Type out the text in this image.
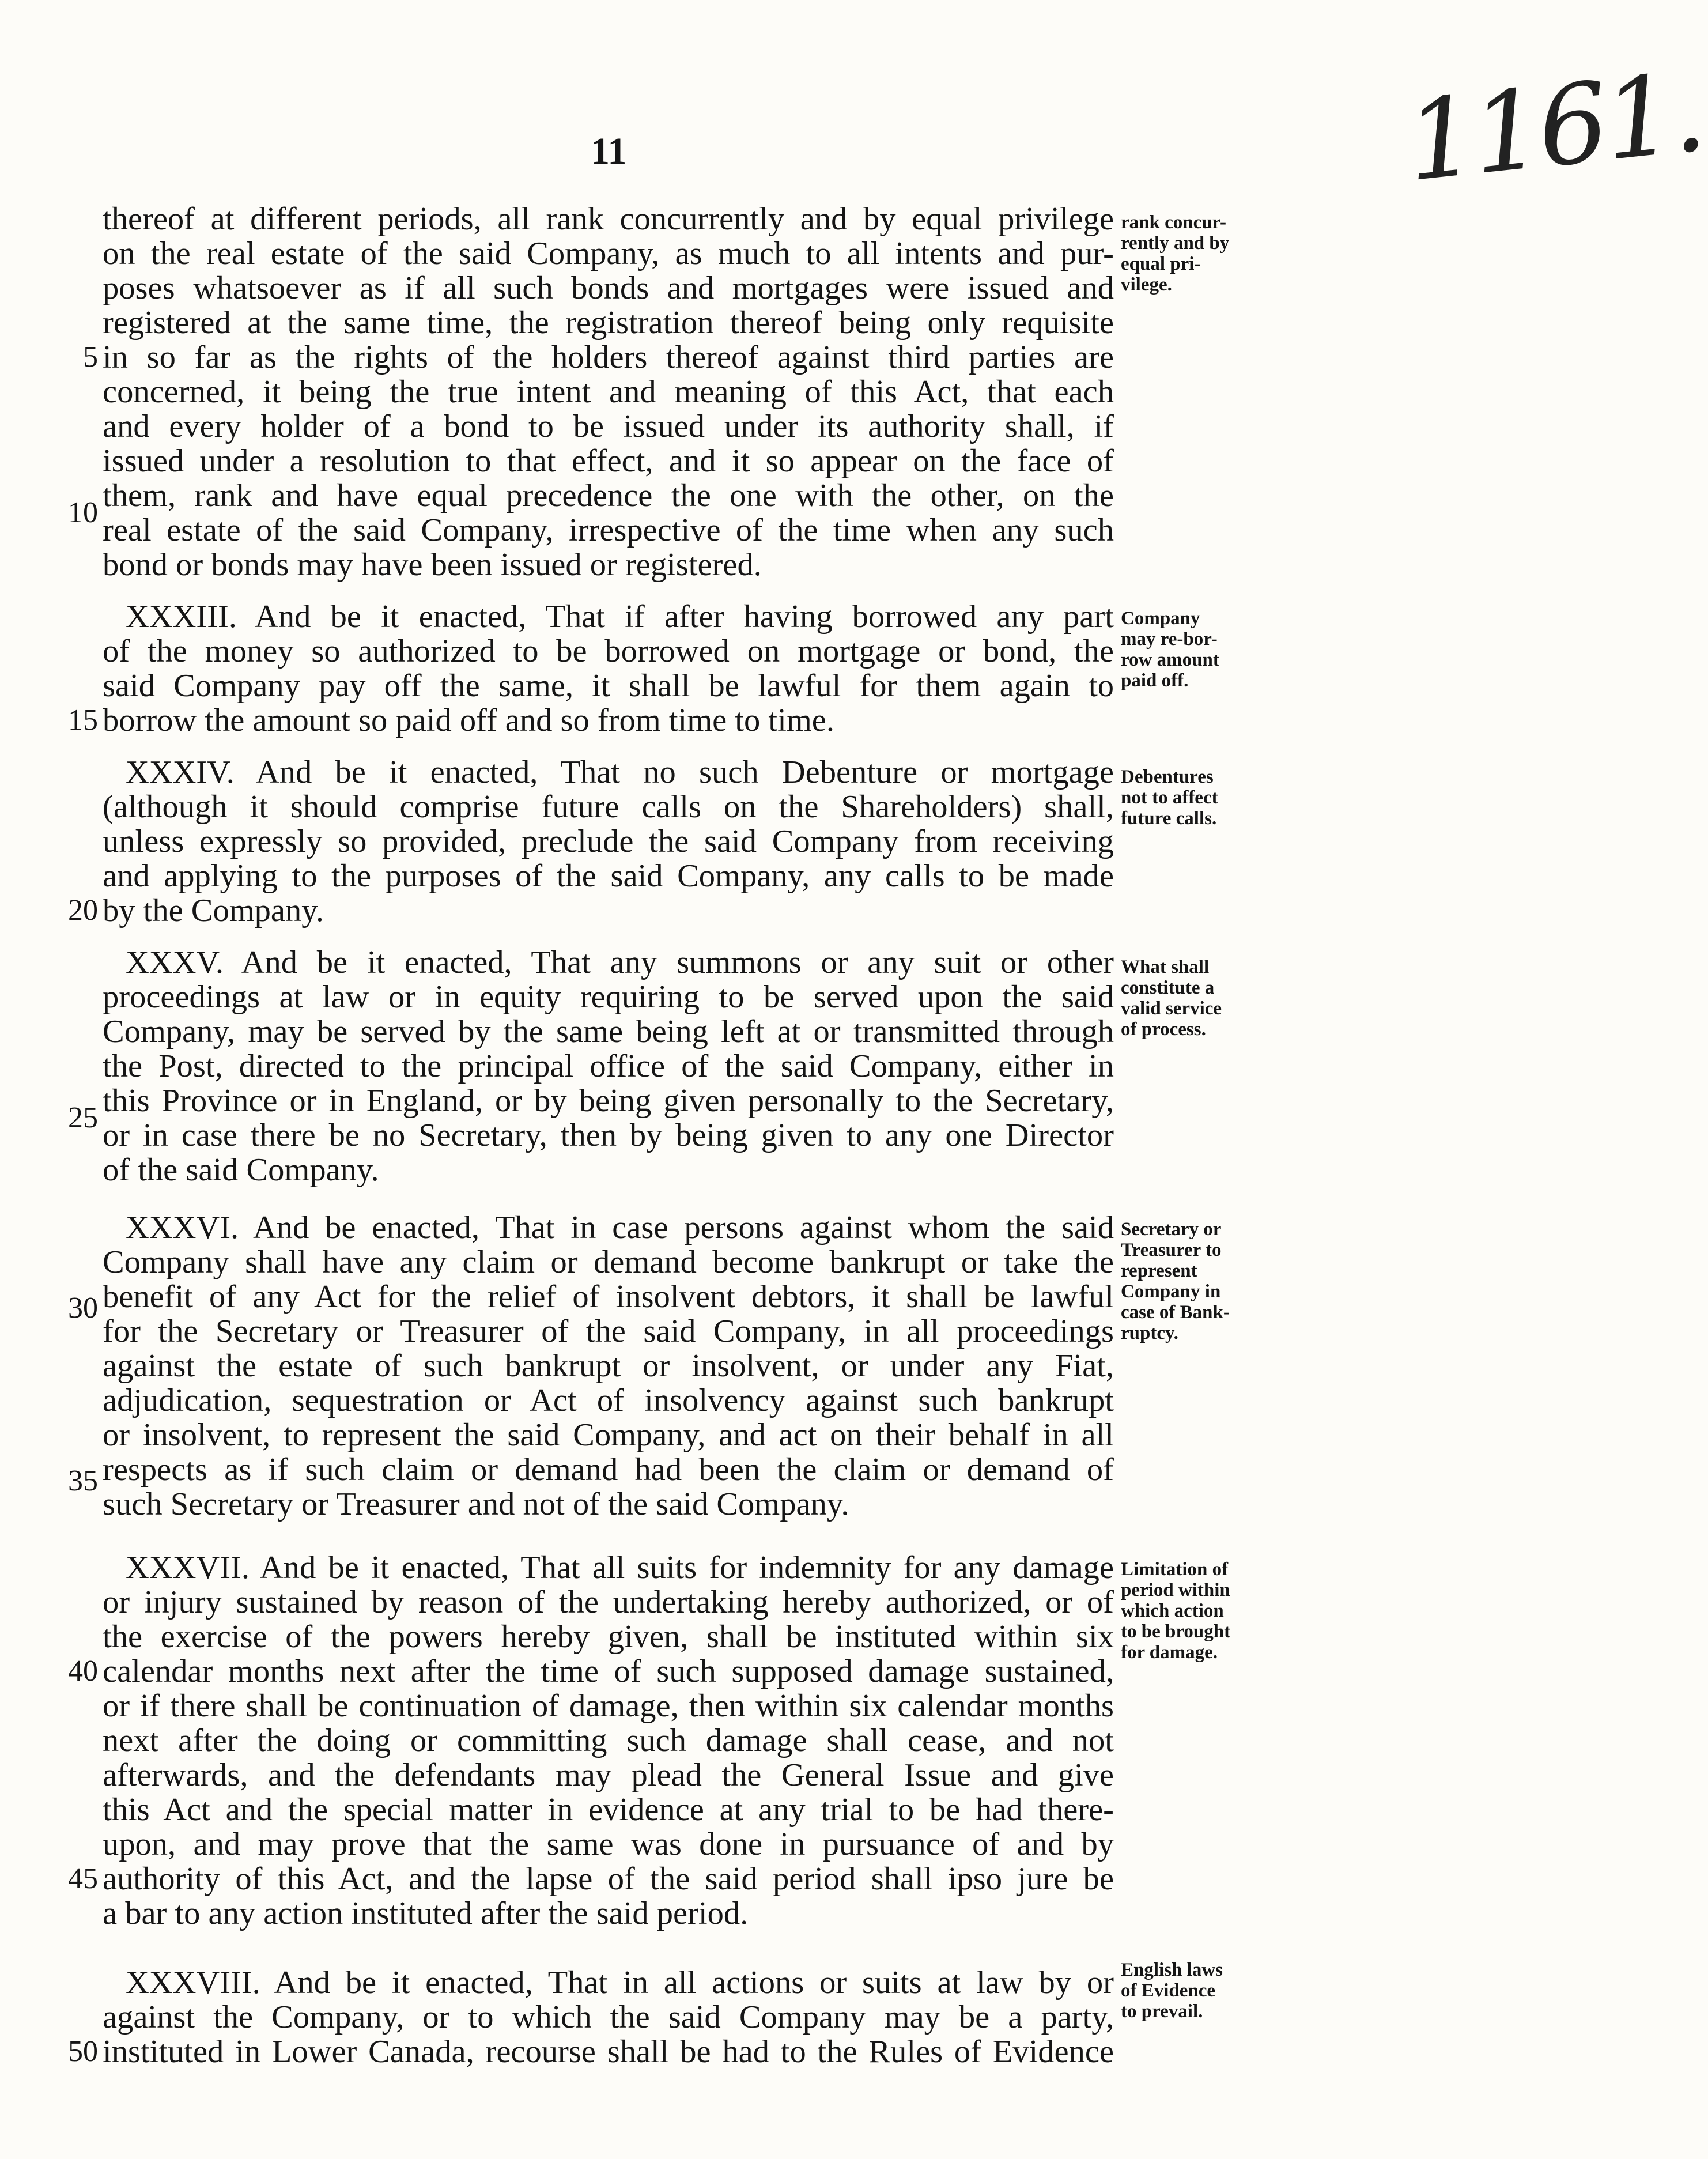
1161.
11
5
10
15
20
25
30
35
40
45
50
thereof at different periods, all rank concurrently and by equal privilege
on the real estate of the said Company, as much to all intents and pur-
poses whatsoever as if all such bonds and mortgages were issued and
registered at the same time, the registration thereof being only requisite
in so far as the rights of the holders thereof against third parties are
concerned, it being the true intent and meaning of this Act, that each
and every holder of a bond to be issued under its authority shall, if
issued under a resolution to that effect, and it so appear on the face of
them, rank and have equal precedence the one with the other, on the
real estate of the said Company, irrespective of the time when any such
bond or bonds may have been issued or registered.
rank concur-
rently and by
equal pri-
vilege.
XXXIII. And be it enacted, That if after having borrowed any part
of the money so authorized to be borrowed on mortgage or bond, the
said Company pay off the same, it shall be lawful for them again to
borrow the amount so paid off and so from time to time.
Company
may re-bor-
row amount
paid off.
XXXIV. And be it enacted, That no such Debenture or mortgage
(although it should comprise future calls on the Shareholders) shall,
unless expressly so provided, preclude the said Company from receiving
and applying to the purposes of the said Company, any calls to be made
by the Company.
Debentures
not to affect
future calls.
XXXV. And be it enacted, That any summons or any suit or other
proceedings at law or in equity requiring to be served upon the said
Company, may be served by the same being left at or transmitted through
the Post, directed to the principal office of the said Company, either in
this Province or in England, or by being given personally to the Secretary,
or in case there be no Secretary, then by being given to any one Director
of the said Company.
What shall
constitute a
valid service
of process.
XXXVI. And be enacted, That in case persons against whom the said
Company shall have any claim or demand become bankrupt or take the
benefit of any Act for the relief of insolvent debtors, it shall be lawful
for the Secretary or Treasurer of the said Company, in all proceedings
against the estate of such bankrupt or insolvent, or under any Fiat,
adjudication, sequestration or Act of insolvency against such bankrupt
or insolvent, to represent the said Company, and act on their behalf in all
respects as if such claim or demand had been the claim or demand of
such Secretary or Treasurer and not of the said Company.
Secretary or
Treasurer to
represent
Company in
case of Bank-
ruptcy.
XXXVII. And be it enacted, That all suits for indemnity for any damage
or injury sustained by reason of the undertaking hereby authorized, or of
the exercise of the powers hereby given, shall be instituted within six
calendar months next after the time of such supposed damage sustained,
or if there shall be continuation of damage, then within six calendar months
next after the doing or committing such damage shall cease, and not
afterwards, and the defendants may plead the General Issue and give
this Act and the special matter in evidence at any trial to be had there-
upon, and may prove that the same was done in pursuance of and by
authority of this Act, and the lapse of the said period shall ipso jure be
a bar to any action instituted after the said period.
Limitation of
period within
which action
to be brought
for damage.
XXXVIII. And be it enacted, That in all actions or suits at law by or
against the Company, or to which the said Company may be a party,
instituted in Lower Canada, recourse shall be had to the Rules of Evidence
English laws
of Evidence
to prevail.
